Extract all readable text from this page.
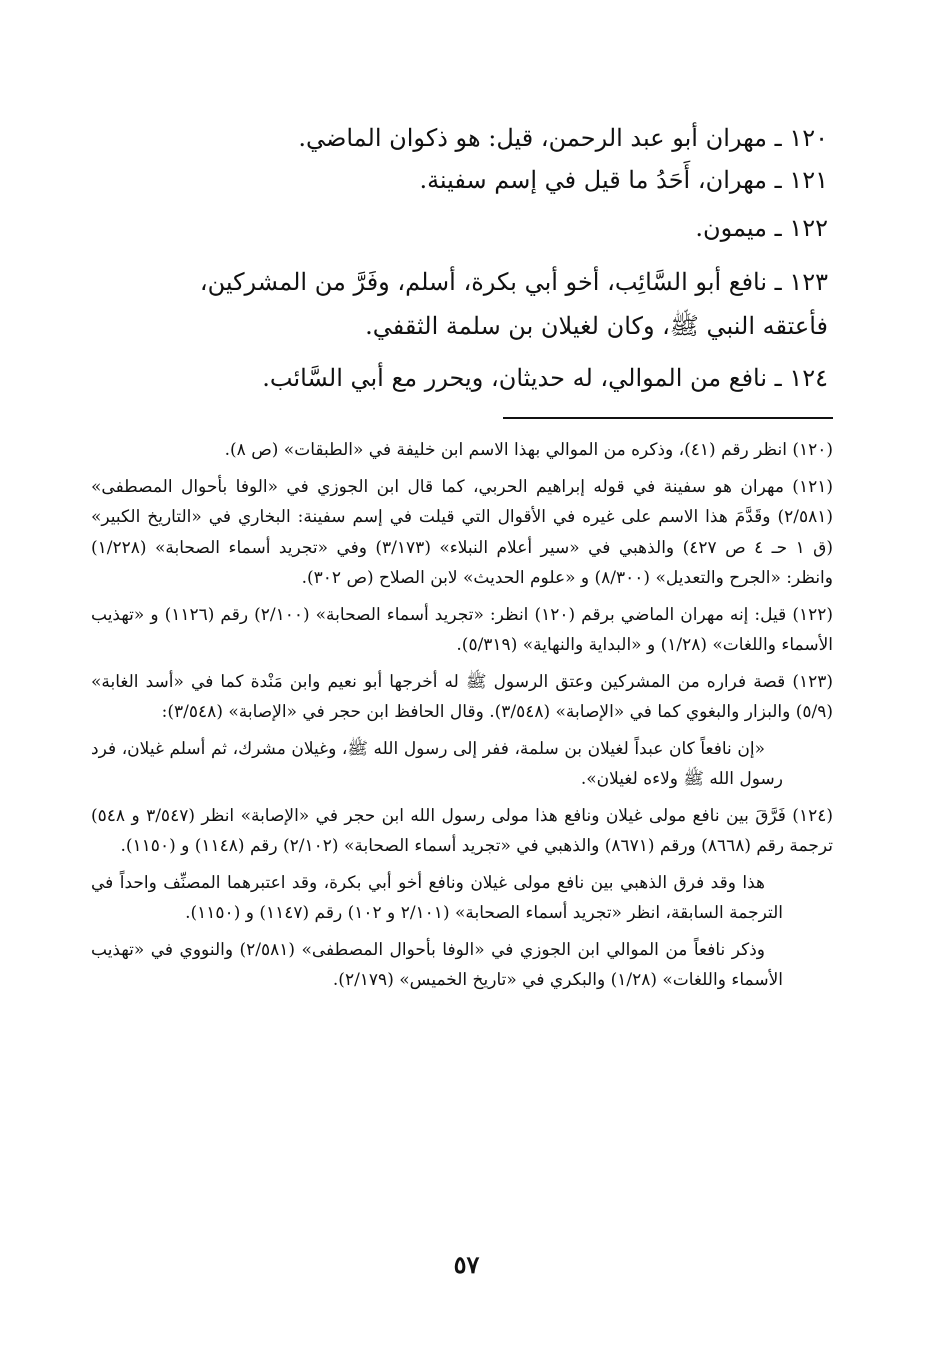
١٢٠ ـ مهران أبو عبد الرحمن، قيل: هو ذكوان الماضي.

١٢١ ـ مهران، أَحَدُ ما قيل في إسم سفينة.

١٢٢ ـ ميمون.

١٢٣ ـ نافع أبو السَّائِب، أخو أبي بكرة، أسلم، وفَرَّ من المشركين، فأعتقه النبي ﷺ، وكان لغيلان بن سلمة الثقفي.

١٢٤ ـ نافع من الموالي، له حديثان، ويحرر مع أبي السَّائب.

(١٢٠) انظر رقم (٤١)، وذكره من الموالي بهذا الاسم ابن خليفة في «الطبقات» (ص ٨).

(١٢١) مهران هو سفينة في قوله إبراهيم الحربي، كما قال ابن الجوزي في «الوفا بأحوال المصطفى» (٢/٥٨١) وقَدَّمَ هذا الاسم على غيره في الأقوال التي قيلت في إسم سفينة: البخاري في «التاريخ الكبير» (ق ١ حـ ٤ ص ٤٢٧) والذهبي في «سير أعلام النبلاء» (٣/١٧٣) وفي «تجريد أسماء الصحابة» (١/٢٢٨) وانظر: «الجرح والتعديل» (٨/٣٠٠) و «علوم الحديث» لابن الصلاح (ص ٣٠٢).

(١٢٢) قيل: إنه مهران الماضي برقم (١٢٠) انظر: «تجريد أسماء الصحابة» (٢/١٠٠) رقم (١١٢٦) و «تهذيب الأسماء واللغات» (١/٢٨) و «البداية والنهاية» (٥/٣١٩).

(١٢٣) قصة فراره من المشركين وعتق الرسول ﷺ له أخرجها أبو نعيم وابن مَنْدة كما في «أسد الغابة» (٥/٩) والبزار والبغوي كما في «الإصابة» (٣/٥٤٨). وقال الحافظ ابن حجر في «الإصابة» (٣/٥٤٨):

«إن نافعاً كان عبداً لغيلان بن سلمة، ففر إلى رسول الله ﷺ، وغيلان مشرك، ثم أسلم غيلان، فرد رسول الله ﷺ ولاءه لغيلان».

(١٢٤) فَرَّقَ بين نافع مولى غيلان ونافع هذا مولى رسول الله ابن حجر في «الإصابة» انظر (٣/٥٤٧ و ٥٤٨) ترجمة رقم (٨٦٦٨) ورقم (٨٦٧١) والذهبي في «تجريد أسماء الصحابة» (٢/١٠٢) رقم (١١٤٨) و (١١٥٠).

هذا وقد فرق الذهبي بين نافع مولى غيلان ونافع أخو أبي بكرة، وقد اعتبرهما المصنِّف واحداً في الترجمة السابقة، انظر «تجريد أسماء الصحابة» (٢/١٠١ و ١٠٢) رقم (١١٤٧) و (١١٥٠).

وذكر نافعاً من الموالي ابن الجوزي في «الوفا بأحوال المصطفى» (٢/٥٨١) والنووي في «تهذيب الأسماء واللغات» (١/٢٨) والبكري في «تاريخ الخميس» (٢/١٧٩).

٥٧
